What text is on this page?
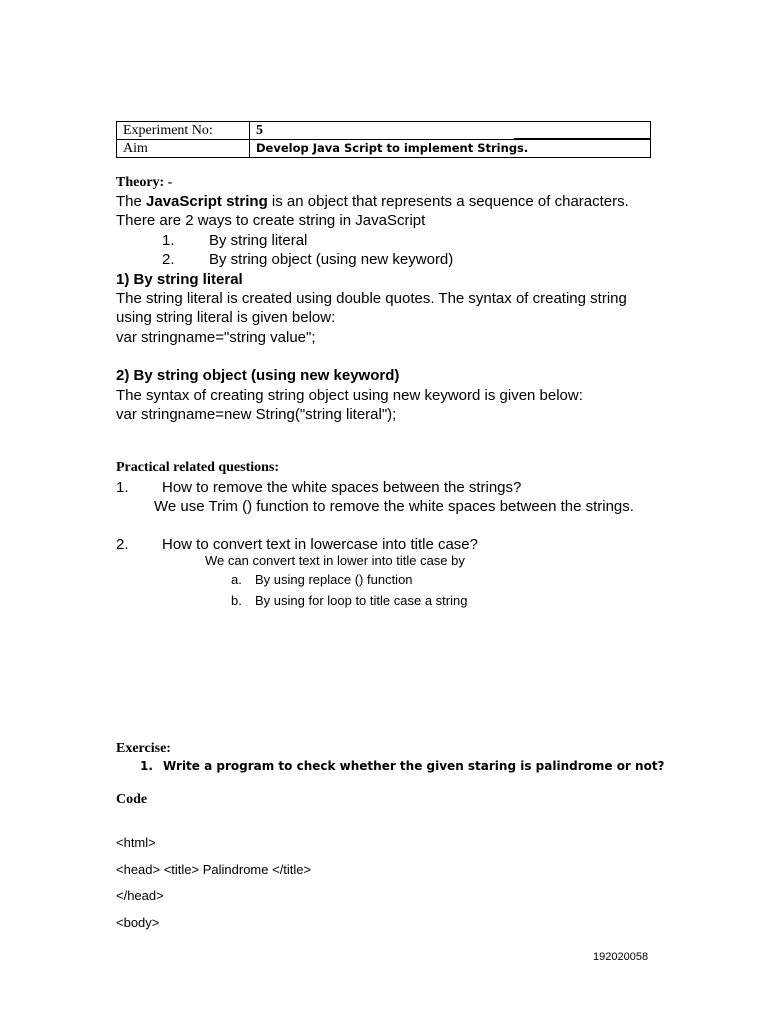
Experiment No:	5
Aim	Develop Java Script to implement Strings.
Theory: -
The JavaScript string is an object that represents a sequence of characters.
There are 2 ways to create string in JavaScript
1. By string literal
2. By string object (using new keyword)
1) By string literal
The string literal is created using double quotes. The syntax of creating string
using string literal is given below:
var stringname="string value";
2) By string object (using new keyword)
The syntax of creating string object using new keyword is given below:
var stringname=new String("string literal");
Practical related questions:
1. How to remove the white spaces between the strings?
We use Trim () function to remove the white spaces between the strings.
2. How to convert text in lowercase into title case?
We can convert text in lower into title case by
a. By using replace () function
b. By using for loop to title case a string
Exercise:
1. Write a program to check whether the given staring is palindrome or not?
Code
<html>
<head> <title> Palindrome </title>
</head>
<body>
192020058
